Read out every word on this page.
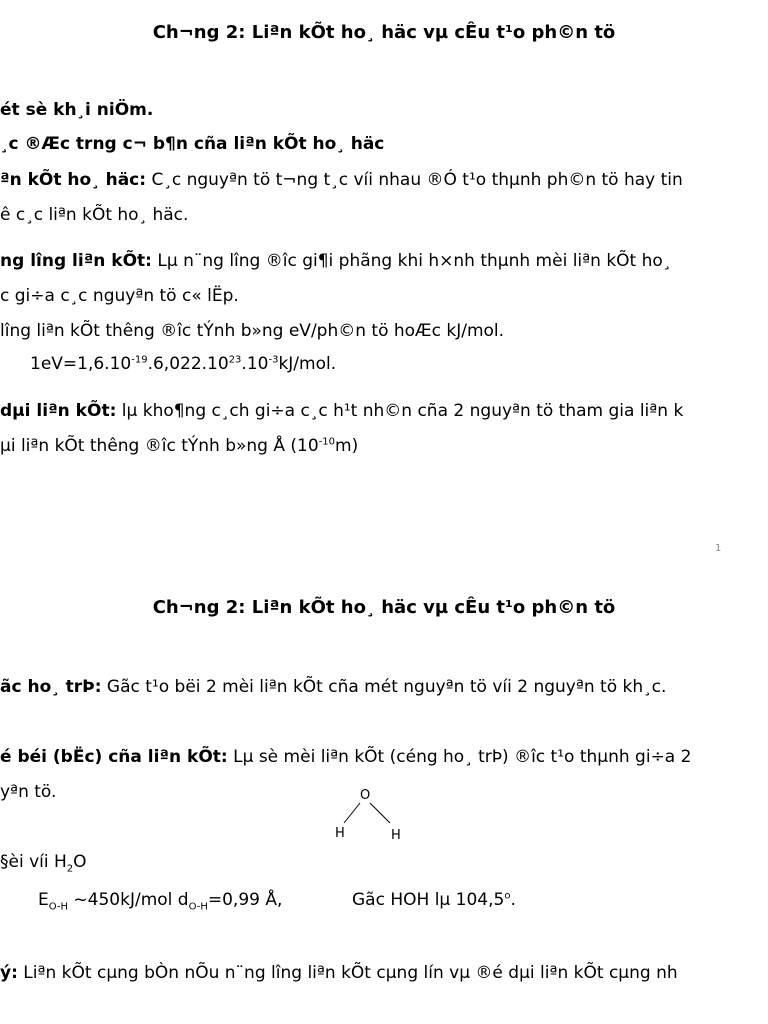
Ch¬ng 2: Liªn kÕt ho¸ häc vµ cÊu t¹o ph©n tö
ét sè kh¸i niÖm.
¸c ®Æc trng c¬ b¶n cña liªn kÕt ho¸ häc
ªn kÕt ho¸ häc: C¸c nguyªn tö t¬ng t¸c víi nhau ®Ó t¹o thµnh ph©n tö hay tin
ê c¸c liªn kÕt ho¸ häc.
ng lîng liªn kÕt: Lµ n¨ng lîng ®îc gi¶i phãng khi h×nh thµnh mèi liªn kÕt ho¸
c gi÷a c¸c nguyªn tö c« lËp.
lîng liªn kÕt thêng ®îc tÝnh b»ng eV/ph©n tö hoÆc kJ/mol.
$1eV=1,6.10^{-19}.6,022.10^{23}.10^{-3}kJ$/mol.
dµi liªn kÕt: lµ kho¶ng c¸ch gi÷a c¸c h¹t nh©n cña 2 nguyªn tö tham gia liªn k
µi liªn kÕt thêng ®îc tÝnh b»ng Å $(10^{-10}m)$
1
Ch¬ng 2: Liªn kÕt ho¸ häc vµ cÊu t¹o ph©n tö
ãc ho¸ trÞ: Gãc t¹o bëi 2 mèi liªn kÕt cña mét nguyªn tö víi 2 nguyªn tö kh¸c.
é béi (bËc) cña liªn kÕt: Lµ sè mèi liªn kÕt (céng ho¸ trÞ) ®îc t¹o thµnh gi÷a 2
yªn tö.	O
H	H
§èi víi $H_2O$
$E_{O-H}$ ~450kJ/mol $d_{O-H}=0,99$ Å,	Gãc HOH lµ 104,5$^o$.
ý: Liªn kÕt cµng bÒn nÕu n¨ng lîng liªn kÕt cµng lín vµ ®é dµi liªn kÕt cµng nh
